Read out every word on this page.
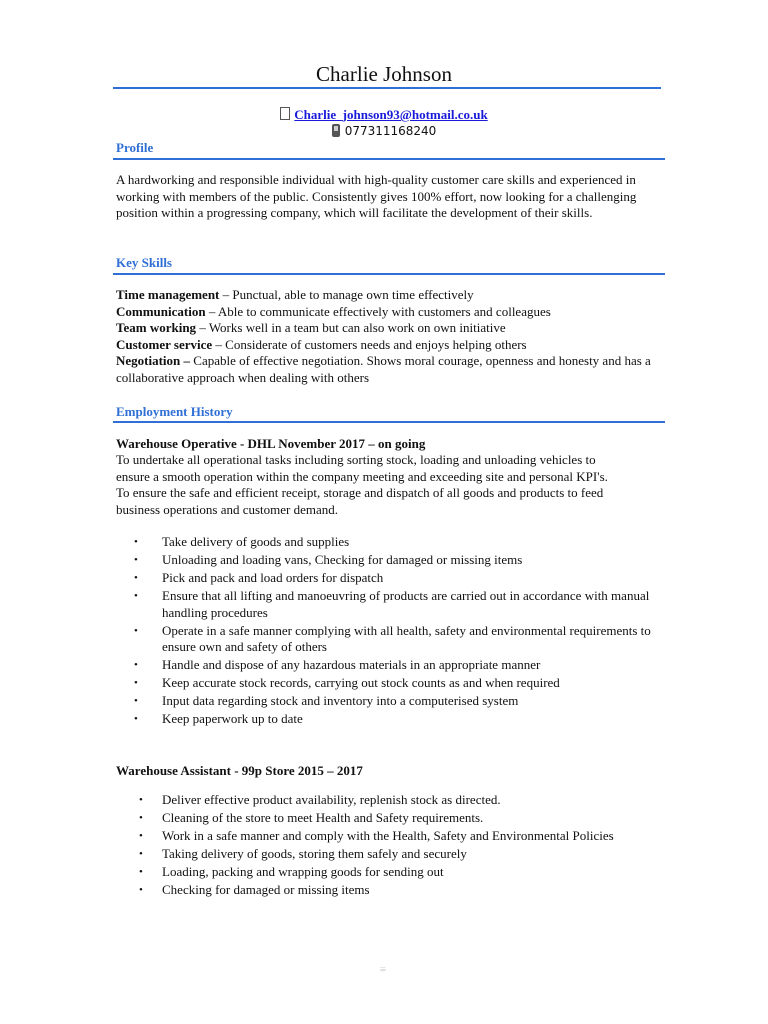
Charlie Johnson
Charlie_johnson93@hotmail.co.uk
077311168240
Profile
A hardworking and responsible individual with high-quality customer care skills and experienced in working with members of the public. Consistently gives 100% effort, now looking for a challenging position within a progressing company, which will facilitate the development of their skills.
Key Skills
Time management – Punctual, able to manage own time effectively
Communication – Able to communicate effectively with customers and colleagues
Team working – Works well in a team but can also work on own initiative
Customer service – Considerate of customers needs and enjoys helping others
Negotiation – Capable of effective negotiation. Shows moral courage, openness and honesty and has a collaborative approach when dealing with others
Employment History
Warehouse Operative - DHL November 2017 – on going
To undertake all operational tasks including sorting stock, loading and unloading vehicles to ensure a smooth operation within the company meeting and exceeding site and personal KPI's. To ensure the safe and efficient receipt, storage and dispatch of all goods and products to feed business operations and customer demand.
• Take delivery of goods and supplies
• Unloading and loading vans, Checking for damaged or missing items
• Pick and pack and load orders for dispatch
• Ensure that all lifting and manoeuvring of products are carried out in accordance with manual handling procedures
• Operate in a safe manner complying with all health, safety and environmental requirements to ensure own and safety of others
• Handle and dispose of any hazardous materials in an appropriate manner
• Keep accurate stock records, carrying out stock counts as and when required
• Input data regarding stock and inventory into a computerised system
• Keep paperwork up to date
Warehouse Assistant - 99p Store 2015 – 2017
• Deliver effective product availability, replenish stock as directed.
• Cleaning of the store to meet Health and Safety requirements.
• Work in a safe manner and comply with the Health, Safety and Environmental Policies
• Taking delivery of goods, storing them safely and securely
• Loading, packing and wrapping goods for sending out
• Checking for damaged or missing items
≡
